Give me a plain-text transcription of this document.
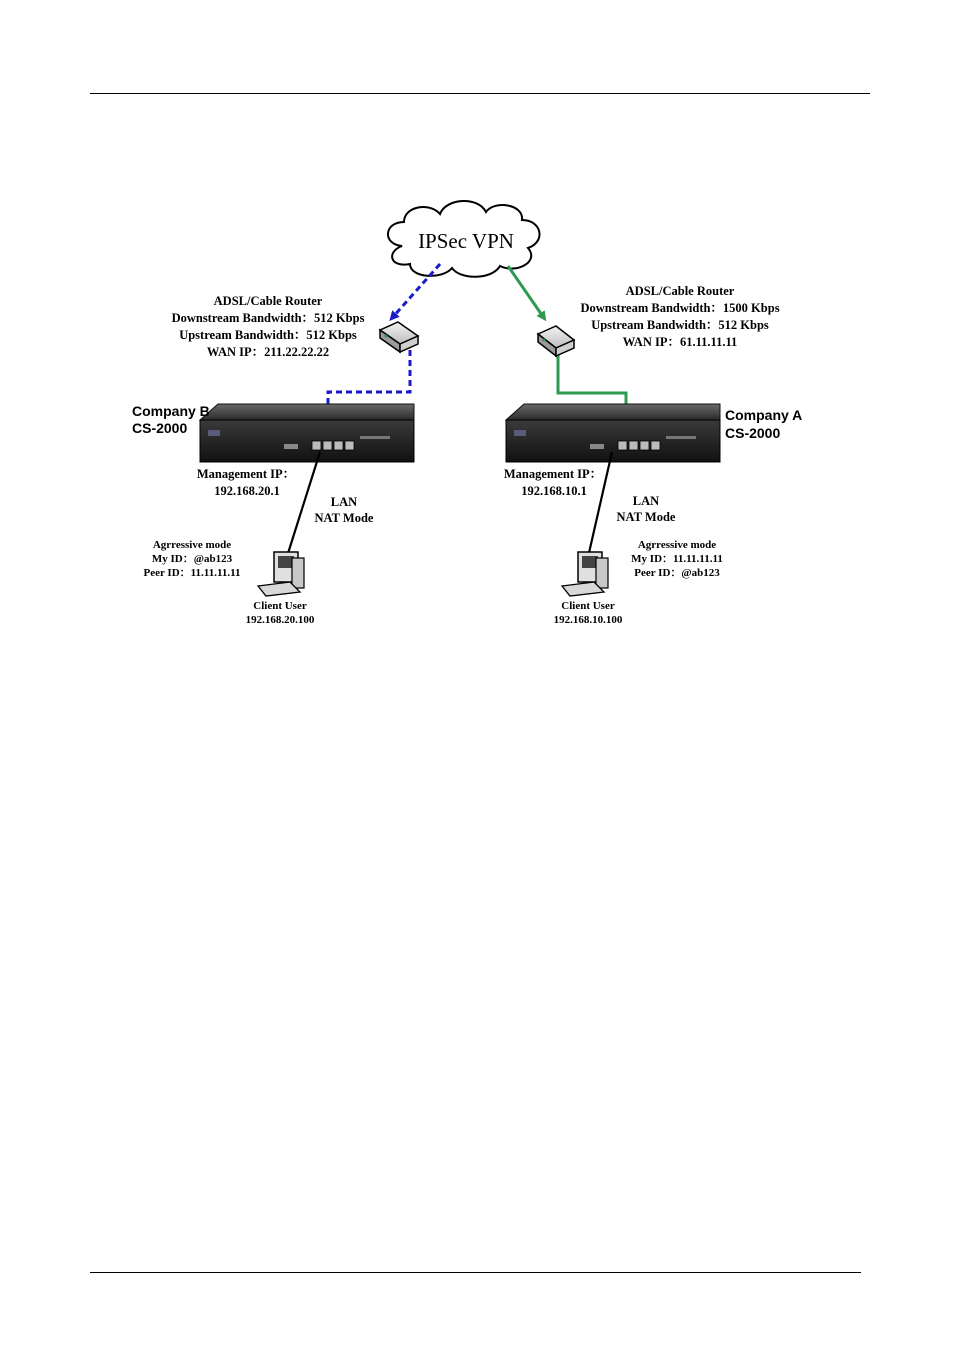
IPSec VPN
ADSL/Cable Router
Downstream Bandwidth：512 Kbps
Upstream Bandwidth：512 Kbps
WAN IP：211.22.22.22
ADSL/Cable Router
Downstream Bandwidth：1500 Kbps
Upstream Bandwidth：512 Kbps
WAN IP：61.11.11.11
Company B
CS-2000
Company A
CS-2000
Management IP：
192.168.20.1
LAN
NAT Mode
Management IP：
192.168.10.1
LAN
NAT Mode
Agrressive mode
My ID：@ab123
Peer ID：11.11.11.11
Agrressive mode
My ID：11.11.11.11
Peer ID：@ab123
Client User
192.168.20.100
Client User
192.168.10.100
